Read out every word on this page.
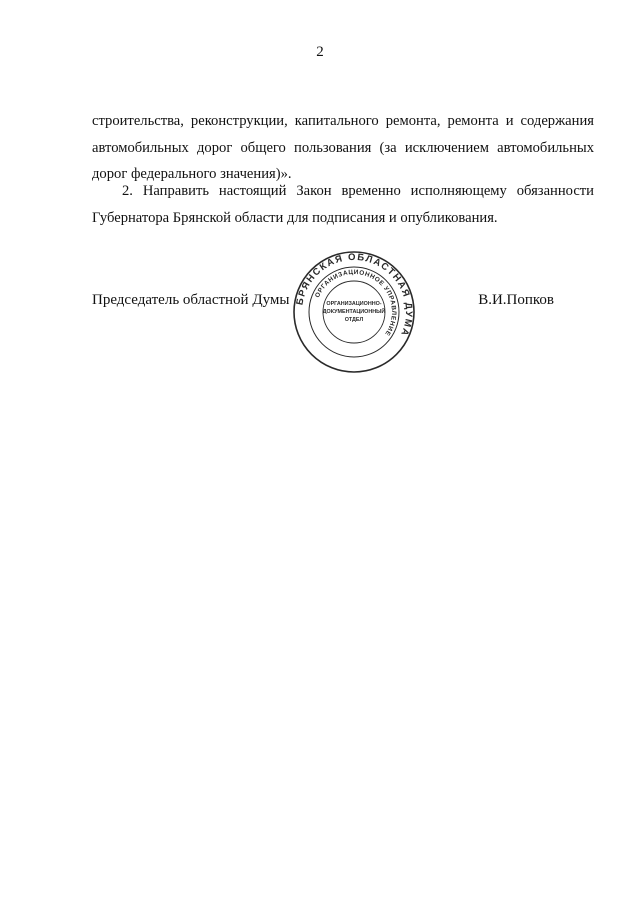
2
строительства, реконструкции, капитального ремонта, ремонта и содержания автомобильных дорог общего пользования (за исключением автомобильных дорог федерального значения)».
2. Направить настоящий Закон временно исполняющему обязанности Губернатора Брянской области для подписания и опубликования.
Председатель областной Думы	В.И.Попков
БРЯНСКАЯ ОБЛАСТНАЯ ДУМА
ОРГАНИЗАЦИОННОЕ УПРАВЛЕНИЕ
ОРГАНИЗАЦИОННО-
ДОКУМЕНТАЦИОННЫЙ
ОТДЕЛ
